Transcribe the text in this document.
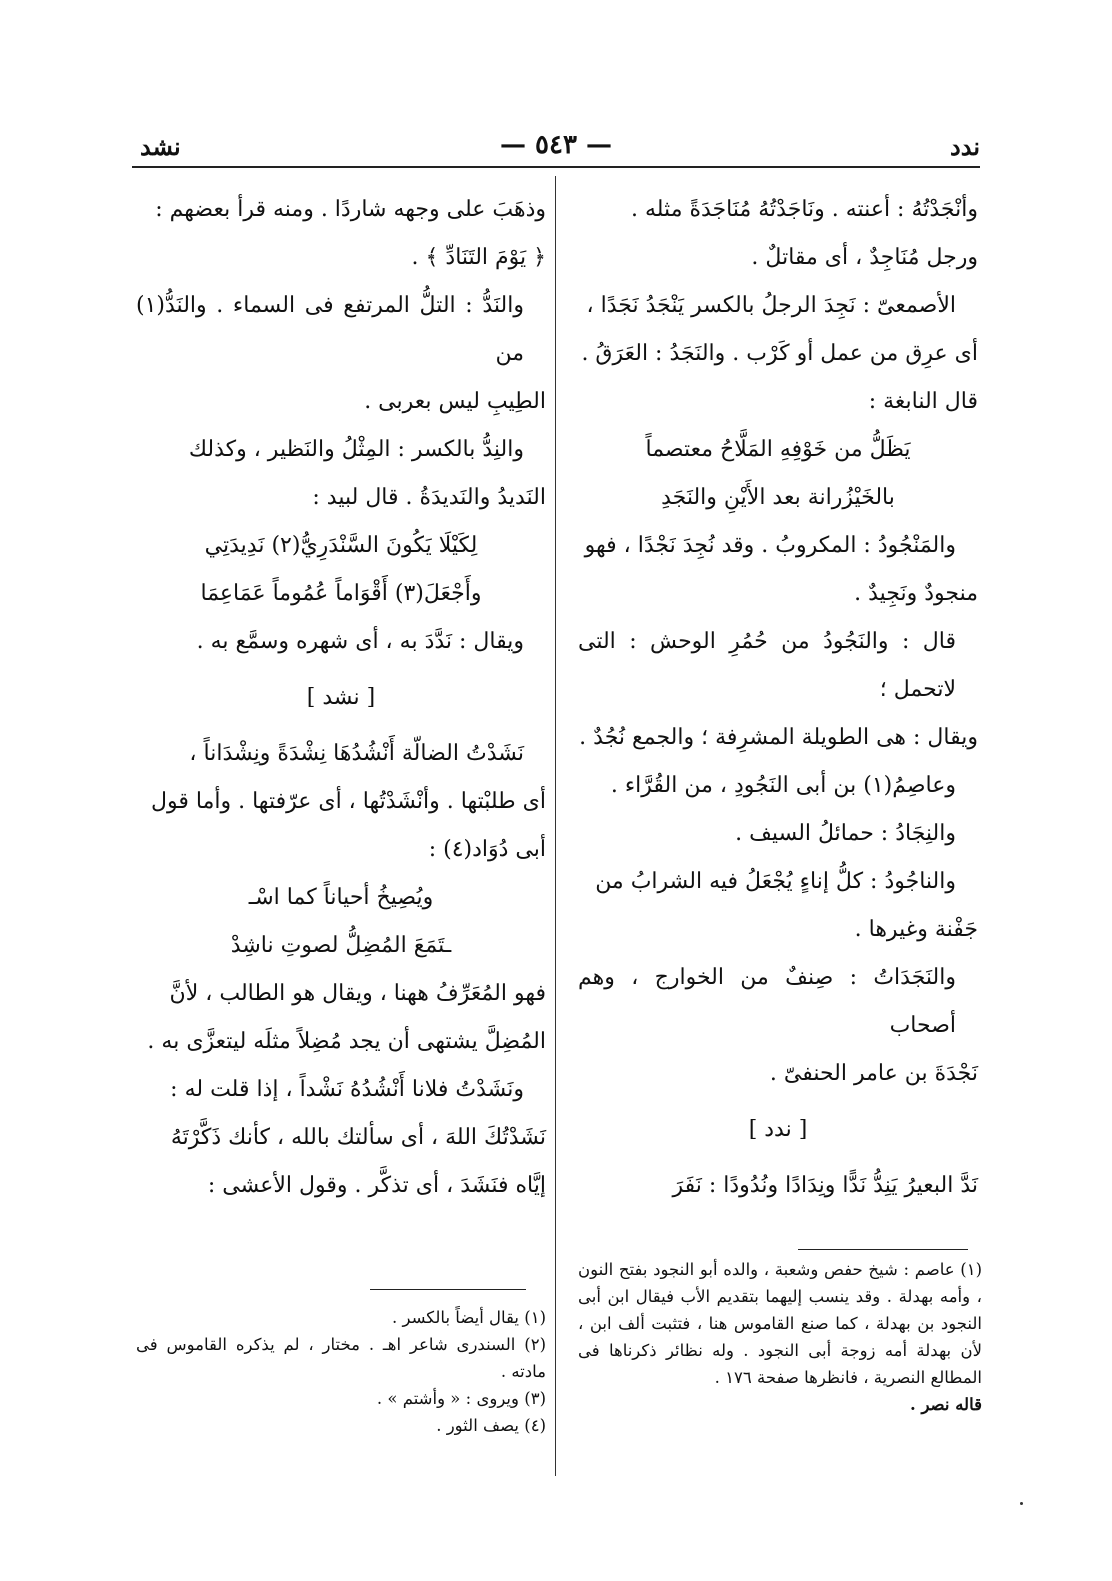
ندد
— ٥٤٣ —
نشد

وأنْجَدْتُهُ : أعنته . ونَاجَدْتُهُ مُنَاجَدَةً مثله .

ورجل مُنَاجِدٌ ، أى مقاتلٌ .

الأصمعىّ : نَجِدَ الرجلُ بالكسر يَنْجَدُ نَجَدًا ،

أى عرِق من عمل أو كَرْب . والنَجَدُ : العَرَقُ .

قال النابغة :

يَظَلُّ من خَوْفِهِ المَلَّاحُ معتصماً

بالخَيْزُرانة بعد الأَيْنِ والنَجَدِ

والمَنْجُودُ : المكروبُ . وقد نُجِدَ نَجْدًا ، فهو

منجودٌ ونَجِيدٌ .

قال : والنَجُودُ من حُمُرِ الوحش : التى لاتحمل ؛

ويقال : هى الطويلة المشرِفة ؛ والجمع نُجُدٌ .

وعاصِمُ(١) بن أبى النَجُودِ ، من القُرَّاء .

والنِجَادُ : حمائلُ السيف .

والناجُودُ : كلُّ إناءٍ يُجْعَلُ فيه الشرابُ من

جَفْنة وغيرها .

والنَجَدَاتُ : صِنفٌ من الخوارج ، وهم أصحاب

نَجْدَةَ بن عامر الحنفىّ .

[ ندد ]

نَدَّ البعيرُ يَنِدُّ نَدًّا ونِدَادًا ونُدُودًا : نَفَرَ

وذهَبَ على وجهه شاردًا . ومنه قرأ بعضهم :

﴿ يَوْمَ التَنَادِّ ﴾ .

والنَدُّ : التلُّ المرتفع فى السماء . والنَدُّ(١) من

الطِيبِ ليس بعربى .

والنِدُّ بالكسر : المِثْلُ والنَظير ، وكذلك

النَديدُ والنَديدَةُ . قال لبيد :

لِكَيْلَا يَكُونَ السَّنْدَرِيُّ(٢) نَدِيدَتِي

وأَجْعَلَ(٣) أَقْوَاماً عُمُوماً عَمَاعِمَا

ويقال : نَدَّدَ به ، أى شهره وسمَّع به .

[ نشد ]

نَشَدْتُ الضالّة أَنْشُدُهَا نِشْدَةً ونِشْدَاناً ،

أى طلبْتها . وأنْشَدْتُها ، أى عرّفتها . وأما قول

أبى دُوَاد(٤) :

ويُصِيخُ أحياناً كما اسْـ

ـتَمَعَ المُضِلُّ لصوتِ ناشِدْ

فهو المُعَرِّفُ ههنا ، ويقال هو الطالب ، لأنَّ

المُضِلَّ يشتهى أن يجد مُضِلاً مثلَه ليتعزَّى به .

ونَشَدْتُ فلانا أَنْشُدُهُ نَشْداً ، إذا قلت له :

نَشَدْتُكَ اللهَ ، أى سألتك بالله ، كأنك ذَكَّرْتَهُ

إيَّاه فنَشَدَ ، أى تذكَّر . وقول الأعشى :

(١) عاصم : شيخ حفص وشعبة ، والده أبو النجود بفتح النون ، وأمه بهدلة . وقد ينسب إليهما بتقديم الأب فيقال ابن أبى النجود بن بهدلة ، كما صنع القاموس هنا ، فتثبت ألف ابن ، لأن بهدلة أمه زوجة أبى النجود . وله نظائر ذكرناها فى المطالع النصرية ، فانظرها صفحة ١٧٦ .

قاله نصر .

(١) يقال أيضاً بالكسر .

(٢) السندرى شاعر اهـ . مختار ، لم يذكره القاموس فى مادته .

(٣) ويروى : « وأشتم » .

(٤) يصف الثور .
